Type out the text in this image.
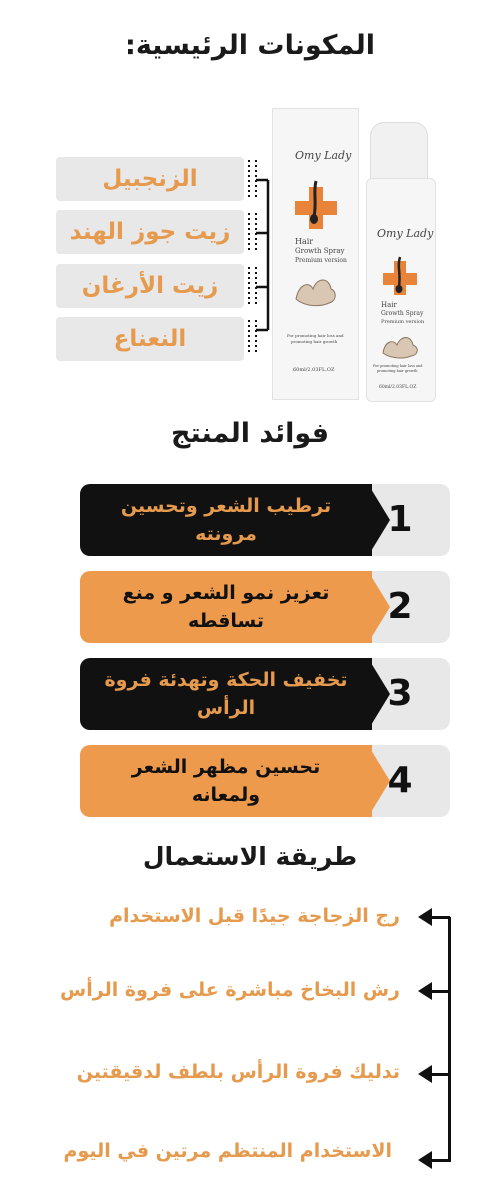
المكونات الرئيسية:
الزنجبيل
زيت جوز الهند
زيت الأرغان
النعناع
Omy Lady
Hair
Growth Spray
Premium version
For promoting hair loss and
promoting hair growth
60ml/2.03FL.OZ
Omy Lady
Hair
Growth Spray
Premium version
For promoting hair loss and
promoting hair growth
60ml/2.03FL.OZ
فوائد المنتج
1
ترطيب الشعر وتحسين مرونته
2
تعزيز نمو الشعر و منع تساقطه
3
تخفيف الحكة وتهدئة فروة الرأس
4
تحسين مظهر الشعر ولمعانه
طريقة الاستعمال
رج الزجاجة جيدًا قبل الاستخدام
رش البخاخ مباشرة على فروة الرأس
تدليك فروة الرأس بلطف لدقيقتين
الاستخدام المنتظم مرتين في اليوم
